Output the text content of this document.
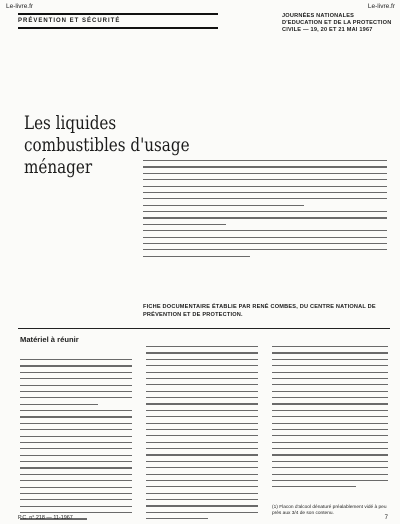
Le-livre.fr	Le-livre.fr
PRÉVENTION ET SÉCURITÉ
JOURNÉES NATIONALES D'EDUCATION ET DE LA PROTECTION CIVILE — 19, 20 ET 21 MAI 1967
Les liquides combustibles d'usage ménager
FICHE DOCUMENTAIRE ÉTABLIE PAR RENÉ COMBES, DU CENTRE NATIONAL DE PRÉVENTION ET DE PROTECTION.
Matériel à réunir
(1) Flacon d'alcool dénaturé préalablement vidé à peu près aux 3/4 de son contenu.
P.C. n° 218 — 11-1967	7
